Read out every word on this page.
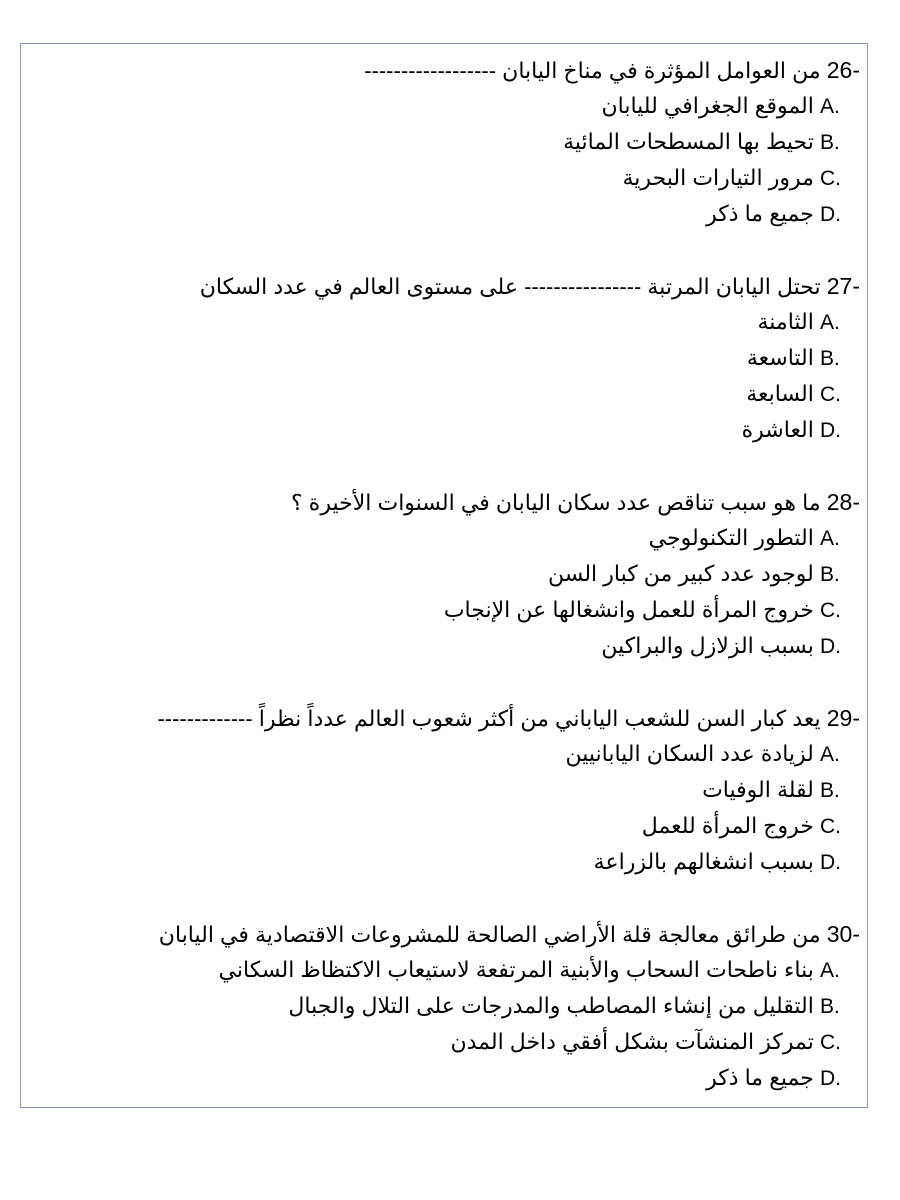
26- من العوامل المؤثرة في مناخ اليابان ------------------
A. الموقع الجغرافي لليابان
B. تحيط بها المسطحات المائية
C. مرور التيارات البحرية
D. جميع ما ذكر
27- تحتل اليابان المرتبة ---------------- على مستوى العالم في عدد السكان
A. الثامنة
B. التاسعة
C. السابعة
D. العاشرة
28- ما هو سبب تناقص عدد سكان اليابان في السنوات الأخيرة ؟
A. التطور التكنولوجي
B. لوجود عدد كبير من كبار السن
C. خروج المرأة للعمل وانشغالها عن الإنجاب
D. بسبب الزلازل والبراكين
29- يعد كبار السن للشعب الياباني من أكثر شعوب العالم عدداً نظراً -------------
A. لزيادة عدد السكان اليابانيين
B. لقلة الوفيات
C. خروج المرأة للعمل
D. بسبب انشغالهم بالزراعة
30- من طرائق معالجة قلة الأراضي الصالحة للمشروعات الاقتصادية في اليابان
A. بناء ناطحات السحاب والأبنية المرتفعة لاستيعاب الاكتظاظ السكاني
B. التقليل من إنشاء المصاطب والمدرجات على التلال والجبال
C. تمركز المنشآت بشكل أفقي داخل المدن
D. جميع ما ذكر
